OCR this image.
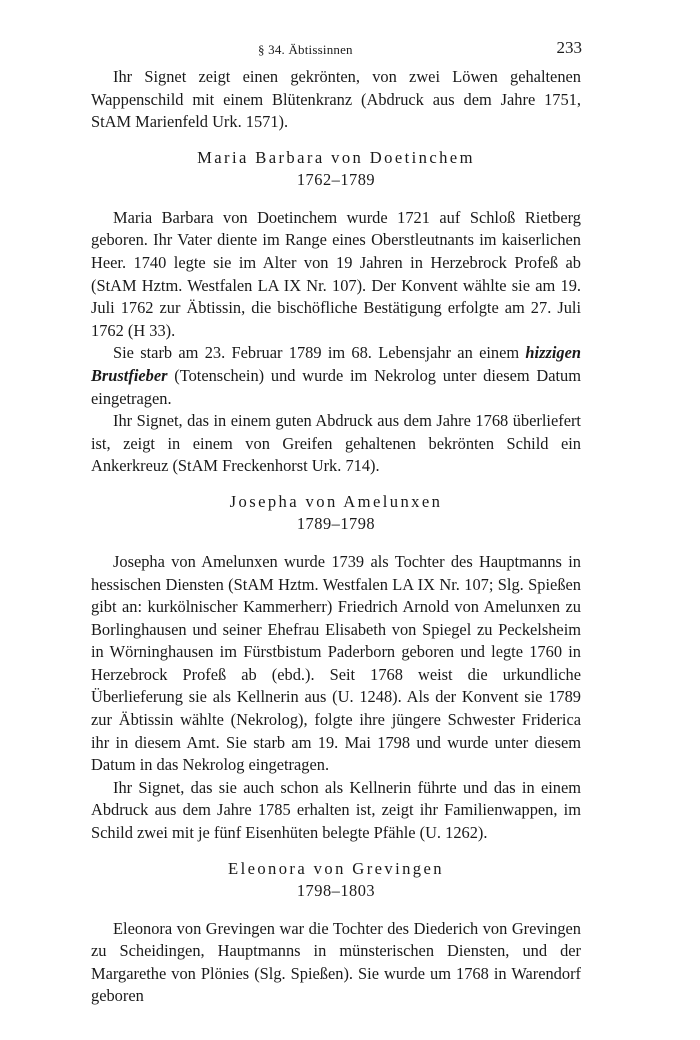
§ 34. Äbtissinnen	233

Ihr Signet zeigt einen gekrönten, von zwei Löwen gehaltenen Wappenschild mit einem Blütenkranz (Abdruck aus dem Jahre 1751, StAM Marienfeld Urk. 1571).

Maria Barbara von Doetinchem
1762–1789

Maria Barbara von Doetinchem wurde 1721 auf Schloß Rietberg geboren. Ihr Vater diente im Range eines Oberstleutnants im kaiserlichen Heer. 1740 legte sie im Alter von 19 Jahren in Herzebrock Profeß ab (StAM Hztm. Westfalen LA IX Nr. 107). Der Konvent wählte sie am 19. Juli 1762 zur Äbtissin, die bischöfliche Bestätigung erfolgte am 27. Juli 1762 (H 33).

Sie starb am 23. Februar 1789 im 68. Lebensjahr an einem hizzigen Brustfieber (Totenschein) und wurde im Nekrolog unter diesem Datum eingetragen.

Ihr Signet, das in einem guten Abdruck aus dem Jahre 1768 überliefert ist, zeigt in einem von Greifen gehaltenen bekrönten Schild ein Ankerkreuz (StAM Freckenhorst Urk. 714).

Josepha von Amelunxen
1789–1798

Josepha von Amelunxen wurde 1739 als Tochter des Hauptmanns in hessischen Diensten (StAM Hztm. Westfalen LA IX Nr. 107; Slg. Spießen gibt an: kurkölnischer Kammerherr) Friedrich Arnold von Amelunxen zu Borlinghausen und seiner Ehefrau Elisabeth von Spiegel zu Peckelsheim in Wörninghausen im Fürstbistum Paderborn geboren und legte 1760 in Herzebrock Profeß ab (ebd.). Seit 1768 weist die urkundliche Überlieferung sie als Kellnerin aus (U. 1248). Als der Konvent sie 1789 zur Äbtissin wählte (Nekrolog), folgte ihre jüngere Schwester Friderica ihr in diesem Amt. Sie starb am 19. Mai 1798 und wurde unter diesem Datum in das Nekrolog eingetragen.

Ihr Signet, das sie auch schon als Kellnerin führte und das in einem Abdruck aus dem Jahre 1785 erhalten ist, zeigt ihr Familienwappen, im Schild zwei mit je fünf Eisenhüten belegte Pfähle (U. 1262).

Eleonora von Grevingen
1798–1803

Eleonora von Grevingen war die Tochter des Diederich von Grevingen zu Scheidingen, Hauptmanns in münsterischen Diensten, und der Margarethe von Plönies (Slg. Spießen). Sie wurde um 1768 in Warendorf geboren
